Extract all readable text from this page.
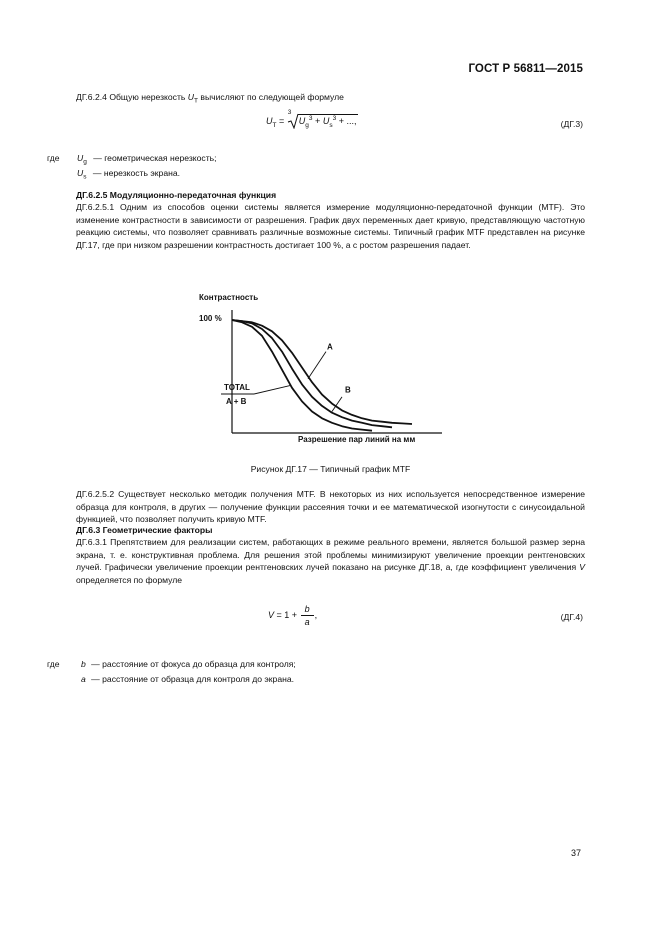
ГОСТ Р 56811—2015
ДГ.6.2.4 Общую нерезкость $U_T$ вычисляют по следующей формуле
$U_T$ =
3
$U_g^3 + U_s^3$ + ...,	(ДГ.3)
где $U_g$ — геометрическая нерезкость;
$U_s$ — нерезкость экрана.
ДГ.6.2.5 Модуляционно-передаточная функция
ДГ.6.2.5.1 Одним из способов оценки системы является измерение модуляционно-передаточной функции (МТF). Это изменение контрастности в зависимости от разрешения. График двух переменных дает кривую, представляющую частотную реакцию системы, что позволяет сравнивать различные возможные системы. Типичный график МТF представлен на рисунке ДГ.17, где при низком разрешении контрастность достигает 100 %, а с ростом разрешения падает.
Контрастность
100 %
Разрешение пар линий на мм
A
B
TOTAL
A + B
Рисунок ДГ.17 — Типичный график МТF
ДГ.6.2.5.2 Существует несколько методик получения МТF. В некоторых из них используется непосредственное измерение образца для контроля, в других — получение функции рассеяния точки и ее математической изогнутости с синусоидальной функцией, что позволяет получить кривую МТF.
ДГ.6.3 Геометрические факторы
ДГ.6.3.1 Препятствием для реализации систем, работающих в режиме реального времени, является большой размер зерна экрана, т. е. конструктивная проблема. Для решения этой проблемы минимизируют увеличение проекции рентгеновских лучей. Графически увеличение проекции рентгеновских лучей показано на рисунке ДГ.18, а, где коэффициент увеличения V определяется по формуле
$V = 1 + \frac{b}{a}$ ,	(ДГ.4)
где b — расстояние от фокуса до образца для контроля;
a — расстояние от образца для контроля до экрана.
37
